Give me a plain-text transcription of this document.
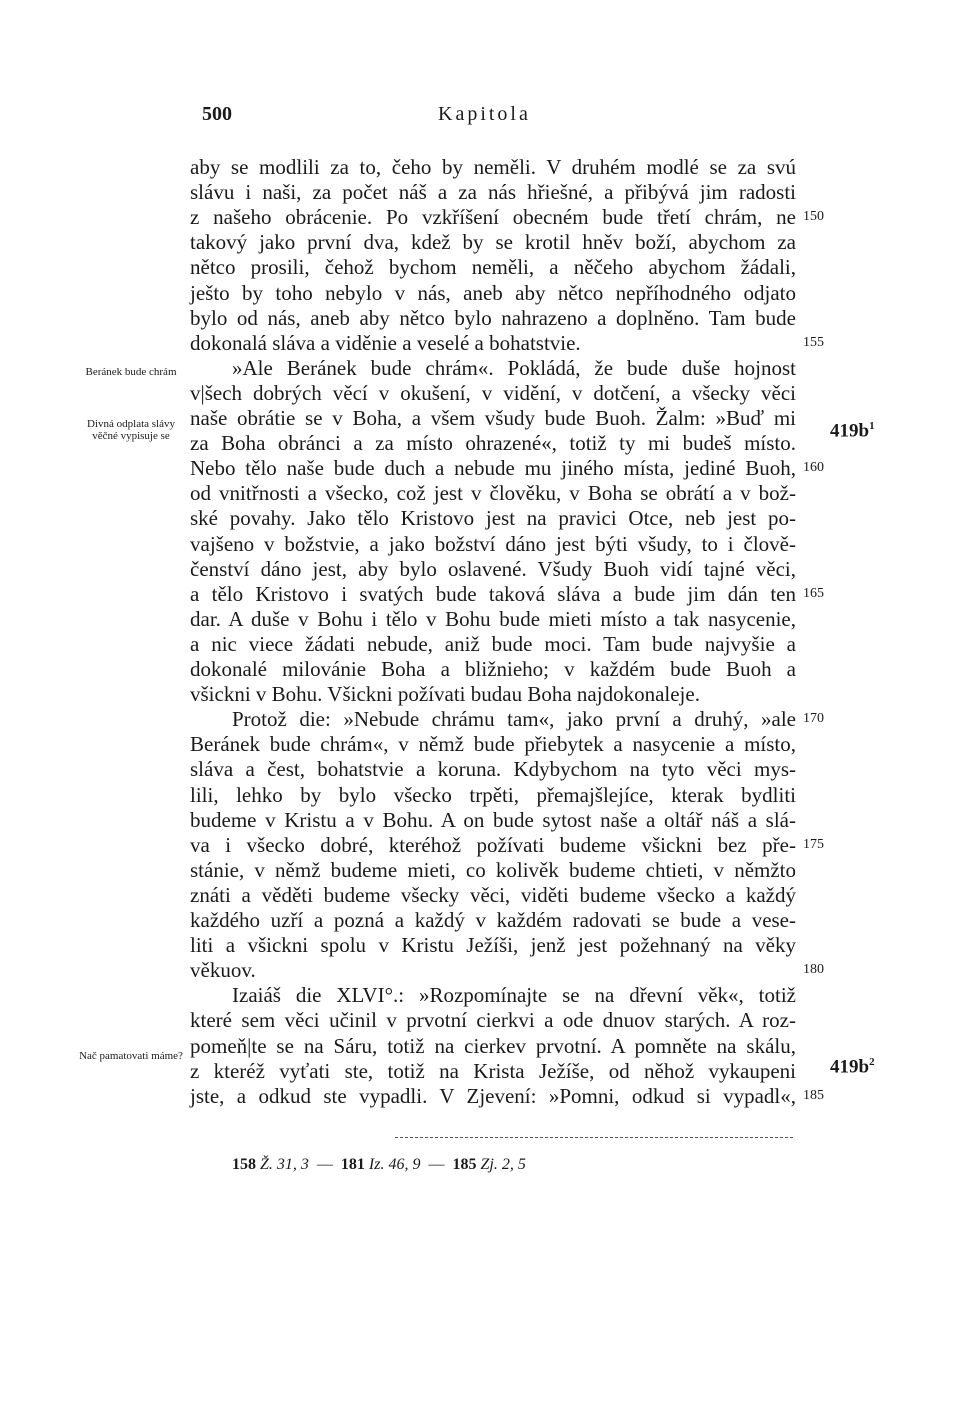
500	Kapitola
aby se modlili za to, čeho by neměli. V druhém modlé se za svú
slávu i naši, za počet náš a za nás hřiešné, a přibývá jim radosti
z našeho obrácenie. Po vzkříšení obecném bude třetí chrám, ne 150
takový jako první dva, kdež by se krotil hněv boží, abychom za
nětco prosili, čehož bychom neměli, a něčeho abychom žádali,
ještо by toho nebylo v nás, aneb aby nětco nepříhodného odjato
bylo od nás, aneb aby nětco bylo nahrazeno a doplněno. Tam bude
dokonalá sláva a viděnie a veselé a bohatstvie.	155
»Ale Beránek bude chrám«. Pokládá, že bude duše hojnost
v|šech dobrých věcí v okušení, v vidění, v dotčení, a všecky věci
naše obrátie se v Boha, a všem všudy bude Buoh. Žalm: »Buď mi
za Boha obránci a za místo ohrazené«, totiž ty mi budeš místo.
Nebo tělo naše bude duch a nebude mu jiného místa, jediné Buoh, 160
od vnitřnosti a všecko, což jest v člověku, v Boha se obrátí a v bož-
ské povahy. Jako tělo Kristovo jest na pravici Otce, neb jest po-
vajšeno v božstvie, a jako božství dáno jest býti všudy, to i člově-
čenství dáno jest, aby bylo oslavené. Všudy Buoh vidí tajné věci,
a tělo Kristovo i svatých bude taková sláva a bude jim dán ten 165
dar. A duše v Bohu i tělo v Bohu bude mieti místo a tak nasycenie,
a nic viece žádati nebude, aniž bude moci. Tam bude najvyšie a
dokonalé milovánie Boha a bližnieho; v každém bude Buoh a
všickni v Bohu. Všickni požívati budau Boha najdokonaleje.
Protož die: »Nebude chrámu tam«, jako první a druhý, »ale 170
Beránek bude chrám«, v němž bude přiebytek a nasycenie a místo,
sláva a čest, bohatstvie a koruna. Kdybychom na tyto věci mys-
lili, lehko by bylo všecko trpěti, přemajšlejíce, kterak bydliti
budeme v Kristu a v Bohu. A on bude sytost naše a oltář náš a slá-
va i všecko dobré, kteréhož požívati budeme všickni bez pře- 175
stánie, v němž budeme mieti, co kolivěk budeme chtieti, v němžto
znáti a věděti budeme všecky věci, viděti budeme všecko a každý
každého uzří a pozná a každý v každém radovati se bude a vese-
liti a všickni spolu v Kristu Ježíši, jenž jest požehnaný na věky
věkuov.	180
Izaiáš die XLVI°.: »Rozpomínajte se na dřevní věk«, totiž
které sem věci učinil v prvotní cierkvi a ode dnuov starých. A roz-
pomeň|te se na Sáru, totiž na cierkev prvotní. A pomněte na skálu,
z kteréž vyťati ste, totiž na Krista Ježíše, od něhož vykaupeni
jste, a odkud ste vypadli. V Zjevení: »Pomni, odkud si vypadl«, 185
Beránek bude chrám
Divná odplata slávy věčné vypisuje se
Nač pamatovati máme?
$419b^1$
$419b^2$
158 Ž. 31, 3 — 181 Iz. 46, 9 — 185 Zj. 2, 5
